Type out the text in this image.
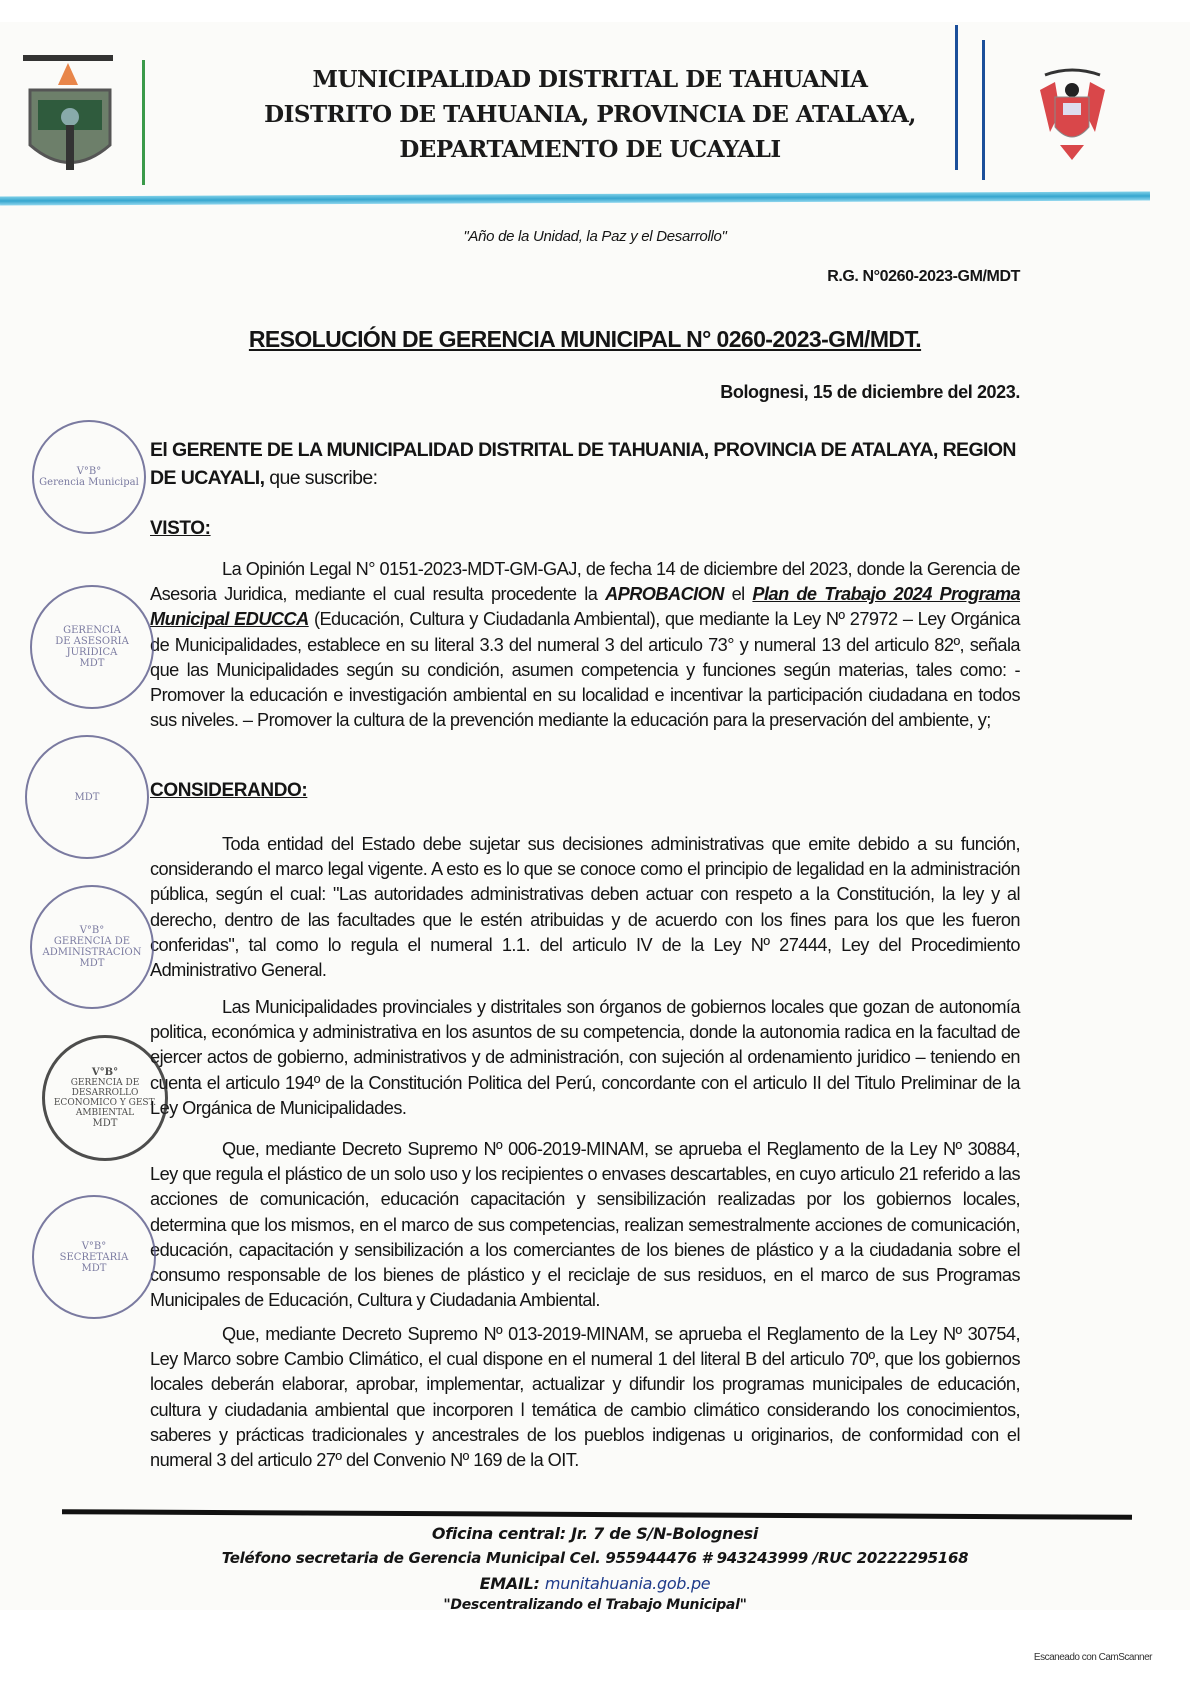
MUNICIPALIDAD DISTRITAL DE TAHUANIA
DISTRITO DE TAHUANIA, PROVINCIA DE ATALAYA,
DEPARTAMENTO DE UCAYALI
"Año de la Unidad, la Paz y el Desarrollo"
R.G. N°0260-2023-GM/MDT
RESOLUCIÓN DE GERENCIA MUNICIPAL N° 0260-2023-GM/MDT.
Bolognesi, 15 de diciembre del 2023.
El GERENTE DE LA MUNICIPALIDAD DISTRITAL DE TAHUANIA, PROVINCIA DE ATALAYA, REGION DE UCAYALI, que suscribe:
VISTO:
La Opinión Legal N° 0151-2023-MDT-GM-GAJ, de fecha 14 de diciembre del 2023, donde la Gerencia de Asesoria Juridica, mediante el cual resulta procedente la APROBACION el Plan de Trabajo 2024 Programa Municipal EDUCCA (Educación, Cultura y Ciudadanla Ambiental), que mediante la Ley Nº 27972 – Ley Orgánica de Municipalidades, establece en su literal 3.3 del numeral 3 del articulo 73° y numeral 13 del articulo 82º, señala que las Municipalidades según su condición, asumen competencia y funciones según materias, tales como: - Promover la educación e investigación ambiental en su localidad e incentivar la participación ciudadana en todos sus niveles. – Promover la cultura de la prevención mediante la educación para la preservación del ambiente, y;
CONSIDERANDO:
Toda entidad del Estado debe sujetar sus decisiones administrativas que emite debido a su función, considerando el marco legal vigente. A esto es lo que se conoce como el principio de legalidad en la administración pública, según el cual: "Las autoridades administrativas deben actuar con respeto a la Constitución, la ley y al derecho, dentro de las facultades que le estén atribuidas y de acuerdo con los fines para los que les fueron conferidas", tal como lo regula el numeral 1.1. del articulo IV de la Ley Nº 27444, Ley del Procedimiento Administrativo General.
Las Municipalidades provinciales y distritales son órganos de gobiernos locales que gozan de autonomía politica, económica y administrativa en los asuntos de su competencia, donde la autonomia radica en la facultad de ejercer actos de gobierno, administrativos y de administración, con sujeción al ordenamiento juridico – teniendo en cuenta el articulo 194º de la Constitución Politica del Perú, concordante con el articulo II del Titulo Preliminar de la Ley Orgánica de Municipalidades.
Que, mediante Decreto Supremo Nº 006-2019-MINAM, se aprueba el Reglamento de la Ley Nº 30884, Ley que regula el plástico de un solo uso y los recipientes o envases descartables, en cuyo articulo 21 referido a las acciones de comunicación, educación capacitación y sensibilización realizadas por los gobiernos locales, determina que los mismos, en el marco de sus competencias, realizan semestralmente acciones de comunicación, educación, capacitación y sensibilización a los comerciantes de los bienes de plástico y a la ciudadania sobre el consumo responsable de los bienes de plástico y el reciclaje de sus residuos, en el marco de sus Programas Municipales de Educación, Cultura y Ciudadania Ambiental.
Que, mediante Decreto Supremo Nº 013-2019-MINAM, se aprueba el Reglamento de la Ley Nº 30754, Ley Marco sobre Cambio Climático, el cual dispone en el numeral 1 del literal B del articulo 70º, que los gobiernos locales deberán elaborar, aprobar, implementar, actualizar y difundir los programas municipales de educación, cultura y ciudadania ambiental que incorporen l temática de cambio climático considerando los conocimientos, saberes y prácticas tradicionales y ancestrales de los pueblos indigenas u originarios, de conformidad con el numeral 3 del articulo 27º del Convenio Nº 169 de la OIT.
V°B°
Gerencia Municipal
GERENCIA
DE ASESORIA JURIDICA
MDT
MDT
V°B°
GERENCIA DE ADMINISTRACION
MDT
V°B°
GERENCIA DE DESARROLLO ECONOMICO Y GEST. AMBIENTAL
MDT
V°B°
SECRETARIA
MDT
Oficina central: Jr. 7 de S/N-Bolognesi
Teléfono secretaria de Gerencia Municipal Cel. 955944476 # 943243999 /RUC 20222295168
EMAIL: munitahuania.gob.pe
"Descentralizando el Trabajo Municipal"
Escaneado con CamScanner
